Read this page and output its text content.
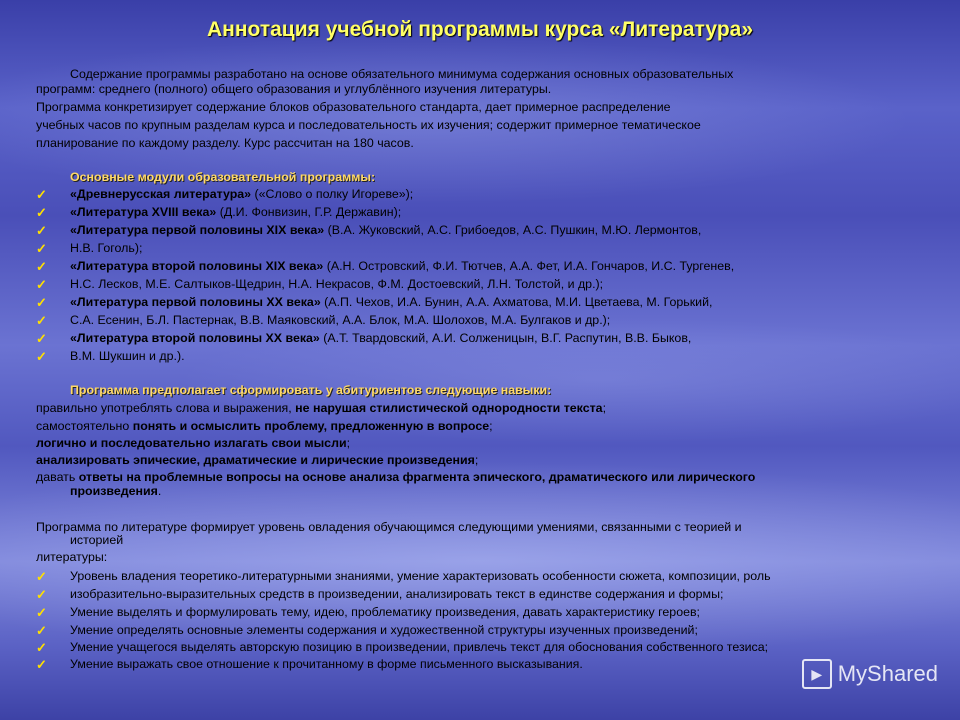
Аннотация учебной программы курса «Литература»
Содержание программы разработано на основе обязательного минимума содержания основных образовательных
программ: среднего (полного) общего образования и углублённого изучения литературы.
Программа конкретизирует содержание блоков образовательного стандарта, дает примерное распределение
учебных часов по крупным разделам курса и последовательность их изучения; содержит примерное тематическое
планирование по каждому разделу. Курс рассчитан на 180 часов.
Основные модули образовательной программы:
✓ «Древнерусская литература» («Слово о полку Игореве»);
✓ «Литература XVIII века» (Д.И. Фонвизин, Г.Р. Державин);
✓ «Литература первой половины XIX века» (В.А. Жуковский, А.С. Грибоедов, А.С. Пушкин, М.Ю. Лермонтов,
✓ Н.В. Гоголь);
✓ «Литература второй половины XIX века» (А.Н. Островский, Ф.И. Тютчев, А.А. Фет, И.А. Гончаров, И.С. Тургенев,
✓ Н.С. Лесков, М.Е. Салтыков-Щедрин, Н.А. Некрасов, Ф.М. Достоевский, Л.Н. Толстой, и др.);
✓ «Литература первой половины XX века» (А.П. Чехов, И.А. Бунин, А.А. Ахматова, М.И. Цветаева, М. Горький,
✓ С.А. Есенин, Б.Л. Пастернак, В.В. Маяковский, А.А. Блок, М.А. Шолохов, М.А. Булгаков и др.);
✓ «Литература второй половины XX века» (А.Т. Твардовский, А.И. Солженицын, В.Г. Распутин, В.В. Быков,
✓ В.М. Шукшин и др.).
Программа предполагает сформировать у абитуриентов следующие навыки:
правильно употреблять слова и выражения, не нарушая стилистической однородности текста;
самостоятельно понять и осмыслить проблему, предложенную в вопросе;
логично и последовательно излагать свои мысли;
анализировать эпические, драматические и лирические произведения;
давать ответы на проблемные вопросы на основе анализа фрагмента эпического, драматического или лирического
произведения.
Программа по литературе формирует уровень овладения обучающимся следующими умениями, связанными с теорией и
историей
литературы:
✓ Уровень владения теоретико-литературными знаниями, умение характеризовать особенности сюжета, композиции, роль
✓ изобразительно-выразительных средств в произведении, анализировать текст в единстве содержания и формы;
✓ Умение выделять и формулировать тему, идею, проблематику произведения, давать характеристику героев;
✓ Умение определять основные элементы содержания и художественной структуры изученных произведений;
✓ Умение учащегося выделять авторскую позицию в произведении, привлечь текст для обоснования собственного тезиса;
✓ Умение выражать свое отношение к прочитанному в форме письменного высказывания.
▶ MyShared
